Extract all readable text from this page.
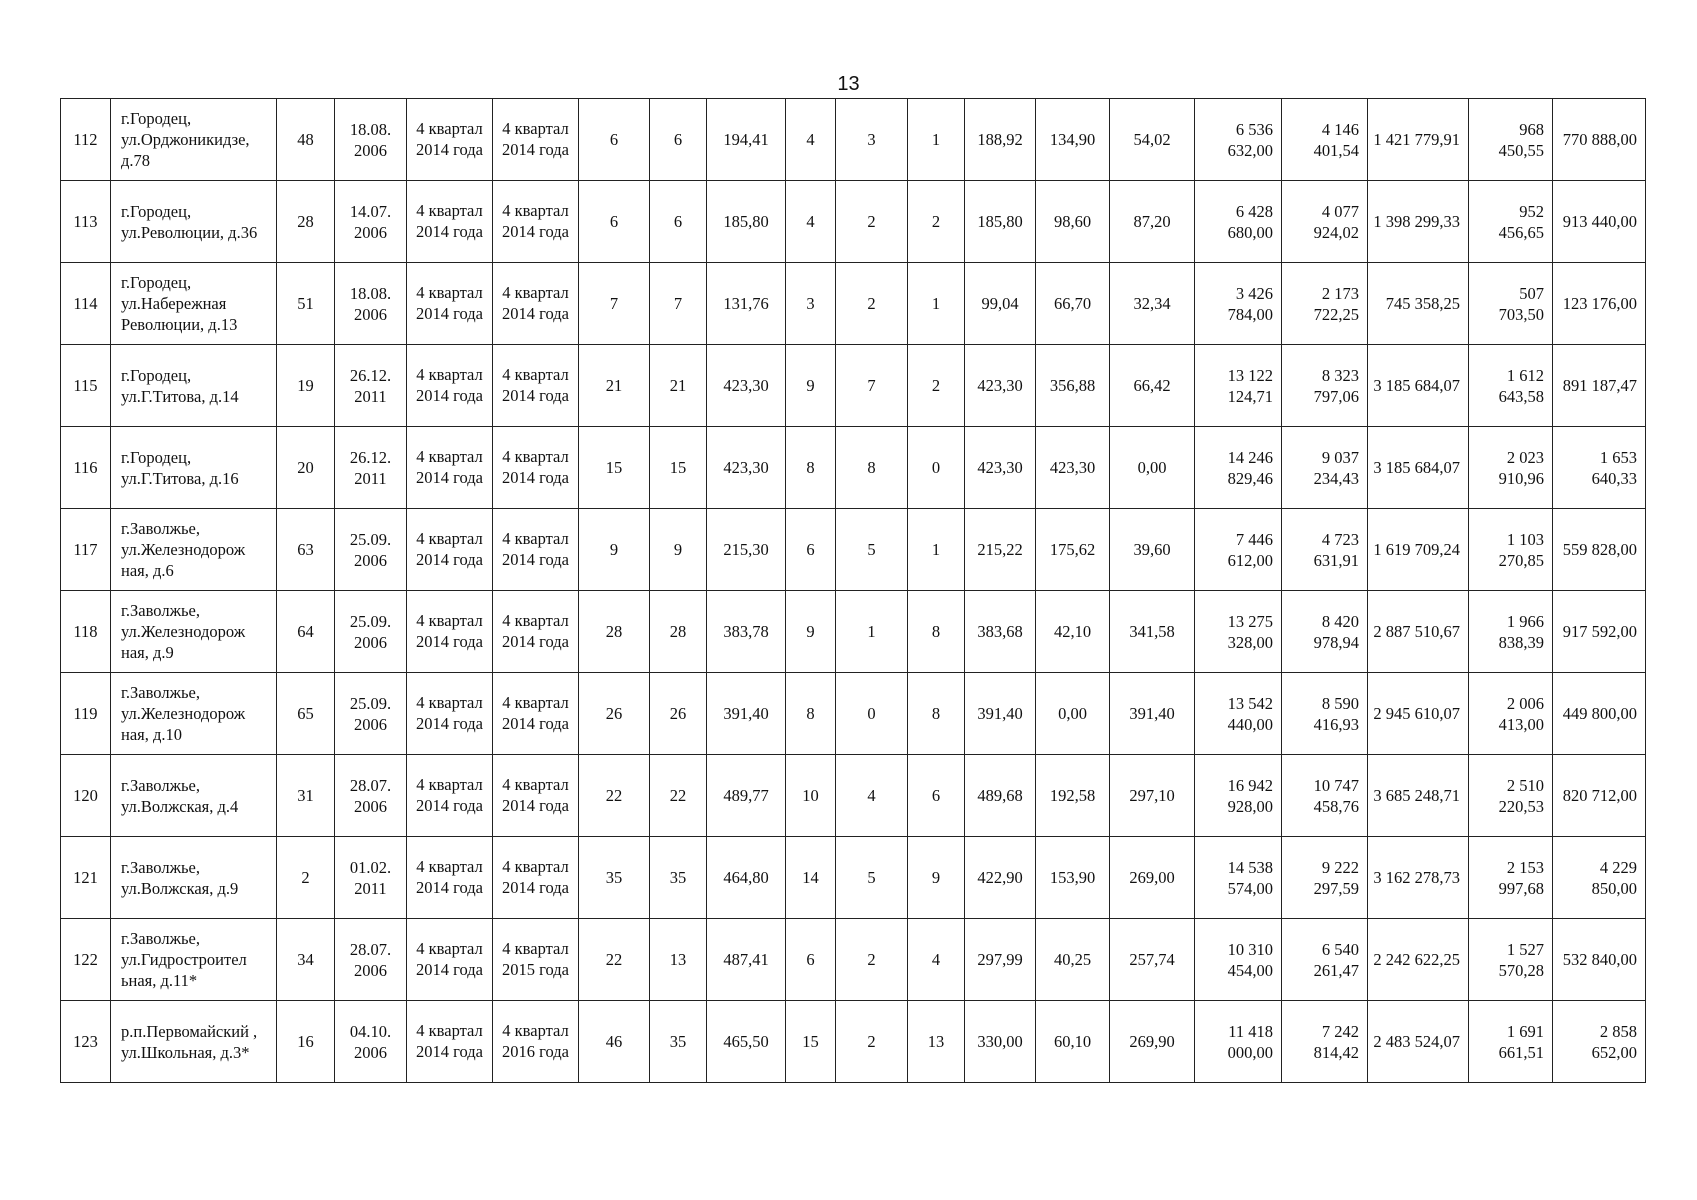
13
112	г.Городец, ул.Орджоникидзе, д.78	48	18.08. 2006	4 квартал 2014 года	4 квартал 2014 года	6	6	194,41	4	3	1	188,92	134,90	54,02	6 536 632,00	4 146 401,54	1 421 779,91	968 450,55	770 888,00
113	г.Городец, ул.Революции, д.36	28	14.07. 2006	4 квартал 2014 года	4 квартал 2014 года	6	6	185,80	4	2	2	185,80	98,60	87,20	6 428 680,00	4 077 924,02	1 398 299,33	952 456,65	913 440,00
114	г.Городец, ул.Набережная Революции, д.13	51	18.08. 2006	4 квартал 2014 года	4 квартал 2014 года	7	7	131,76	3	2	1	99,04	66,70	32,34	3 426 784,00	2 173 722,25	745 358,25	507 703,50	123 176,00
115	г.Городец, ул.Г.Титова, д.14	19	26.12. 2011	4 квартал 2014 года	4 квартал 2014 года	21	21	423,30	9	7	2	423,30	356,88	66,42	13 122 124,71	8 323 797,06	3 185 684,07	1 612 643,58	891 187,47
116	г.Городец, ул.Г.Титова, д.16	20	26.12. 2011	4 квартал 2014 года	4 квартал 2014 года	15	15	423,30	8	8	0	423,30	423,30	0,00	14 246 829,46	9 037 234,43	3 185 684,07	2 023 910,96	1 653 640,33
117	г.Заволжье, ул.Железнодорож ная, д.6	63	25.09. 2006	4 квартал 2014 года	4 квартал 2014 года	9	9	215,30	6	5	1	215,22	175,62	39,60	7 446 612,00	4 723 631,91	1 619 709,24	1 103 270,85	559 828,00
118	г.Заволжье, ул.Железнодорож ная, д.9	64	25.09. 2006	4 квартал 2014 года	4 квартал 2014 года	28	28	383,78	9	1	8	383,68	42,10	341,58	13 275 328,00	8 420 978,94	2 887 510,67	1 966 838,39	917 592,00
119	г.Заволжье, ул.Железнодорож ная, д.10	65	25.09. 2006	4 квартал 2014 года	4 квартал 2014 года	26	26	391,40	8	0	8	391,40	0,00	391,40	13 542 440,00	8 590 416,93	2 945 610,07	2 006 413,00	449 800,00
120	г.Заволжье, ул.Волжская, д.4	31	28.07. 2006	4 квартал 2014 года	4 квартал 2014 года	22	22	489,77	10	4	6	489,68	192,58	297,10	16 942 928,00	10 747 458,76	3 685 248,71	2 510 220,53	820 712,00
121	г.Заволжье, ул.Волжская, д.9	2	01.02. 2011	4 квартал 2014 года	4 квартал 2014 года	35	35	464,80	14	5	9	422,90	153,90	269,00	14 538 574,00	9 222 297,59	3 162 278,73	2 153 997,68	4 229 850,00
122	г.Заволжье, ул.Гидростроител ьная, д.11*	34	28.07. 2006	4 квартал 2014 года	4 квартал 2015 года	22	13	487,41	6	2	4	297,99	40,25	257,74	10 310 454,00	6 540 261,47	2 242 622,25	1 527 570,28	532 840,00
123	р.п.Первомайский , ул.Школьная, д.3*	16	04.10. 2006	4 квартал 2014 года	4 квартал 2016 года	46	35	465,50	15	2	13	330,00	60,10	269,90	11 418 000,00	7 242 814,42	2 483 524,07	1 691 661,51	2 858 652,00
